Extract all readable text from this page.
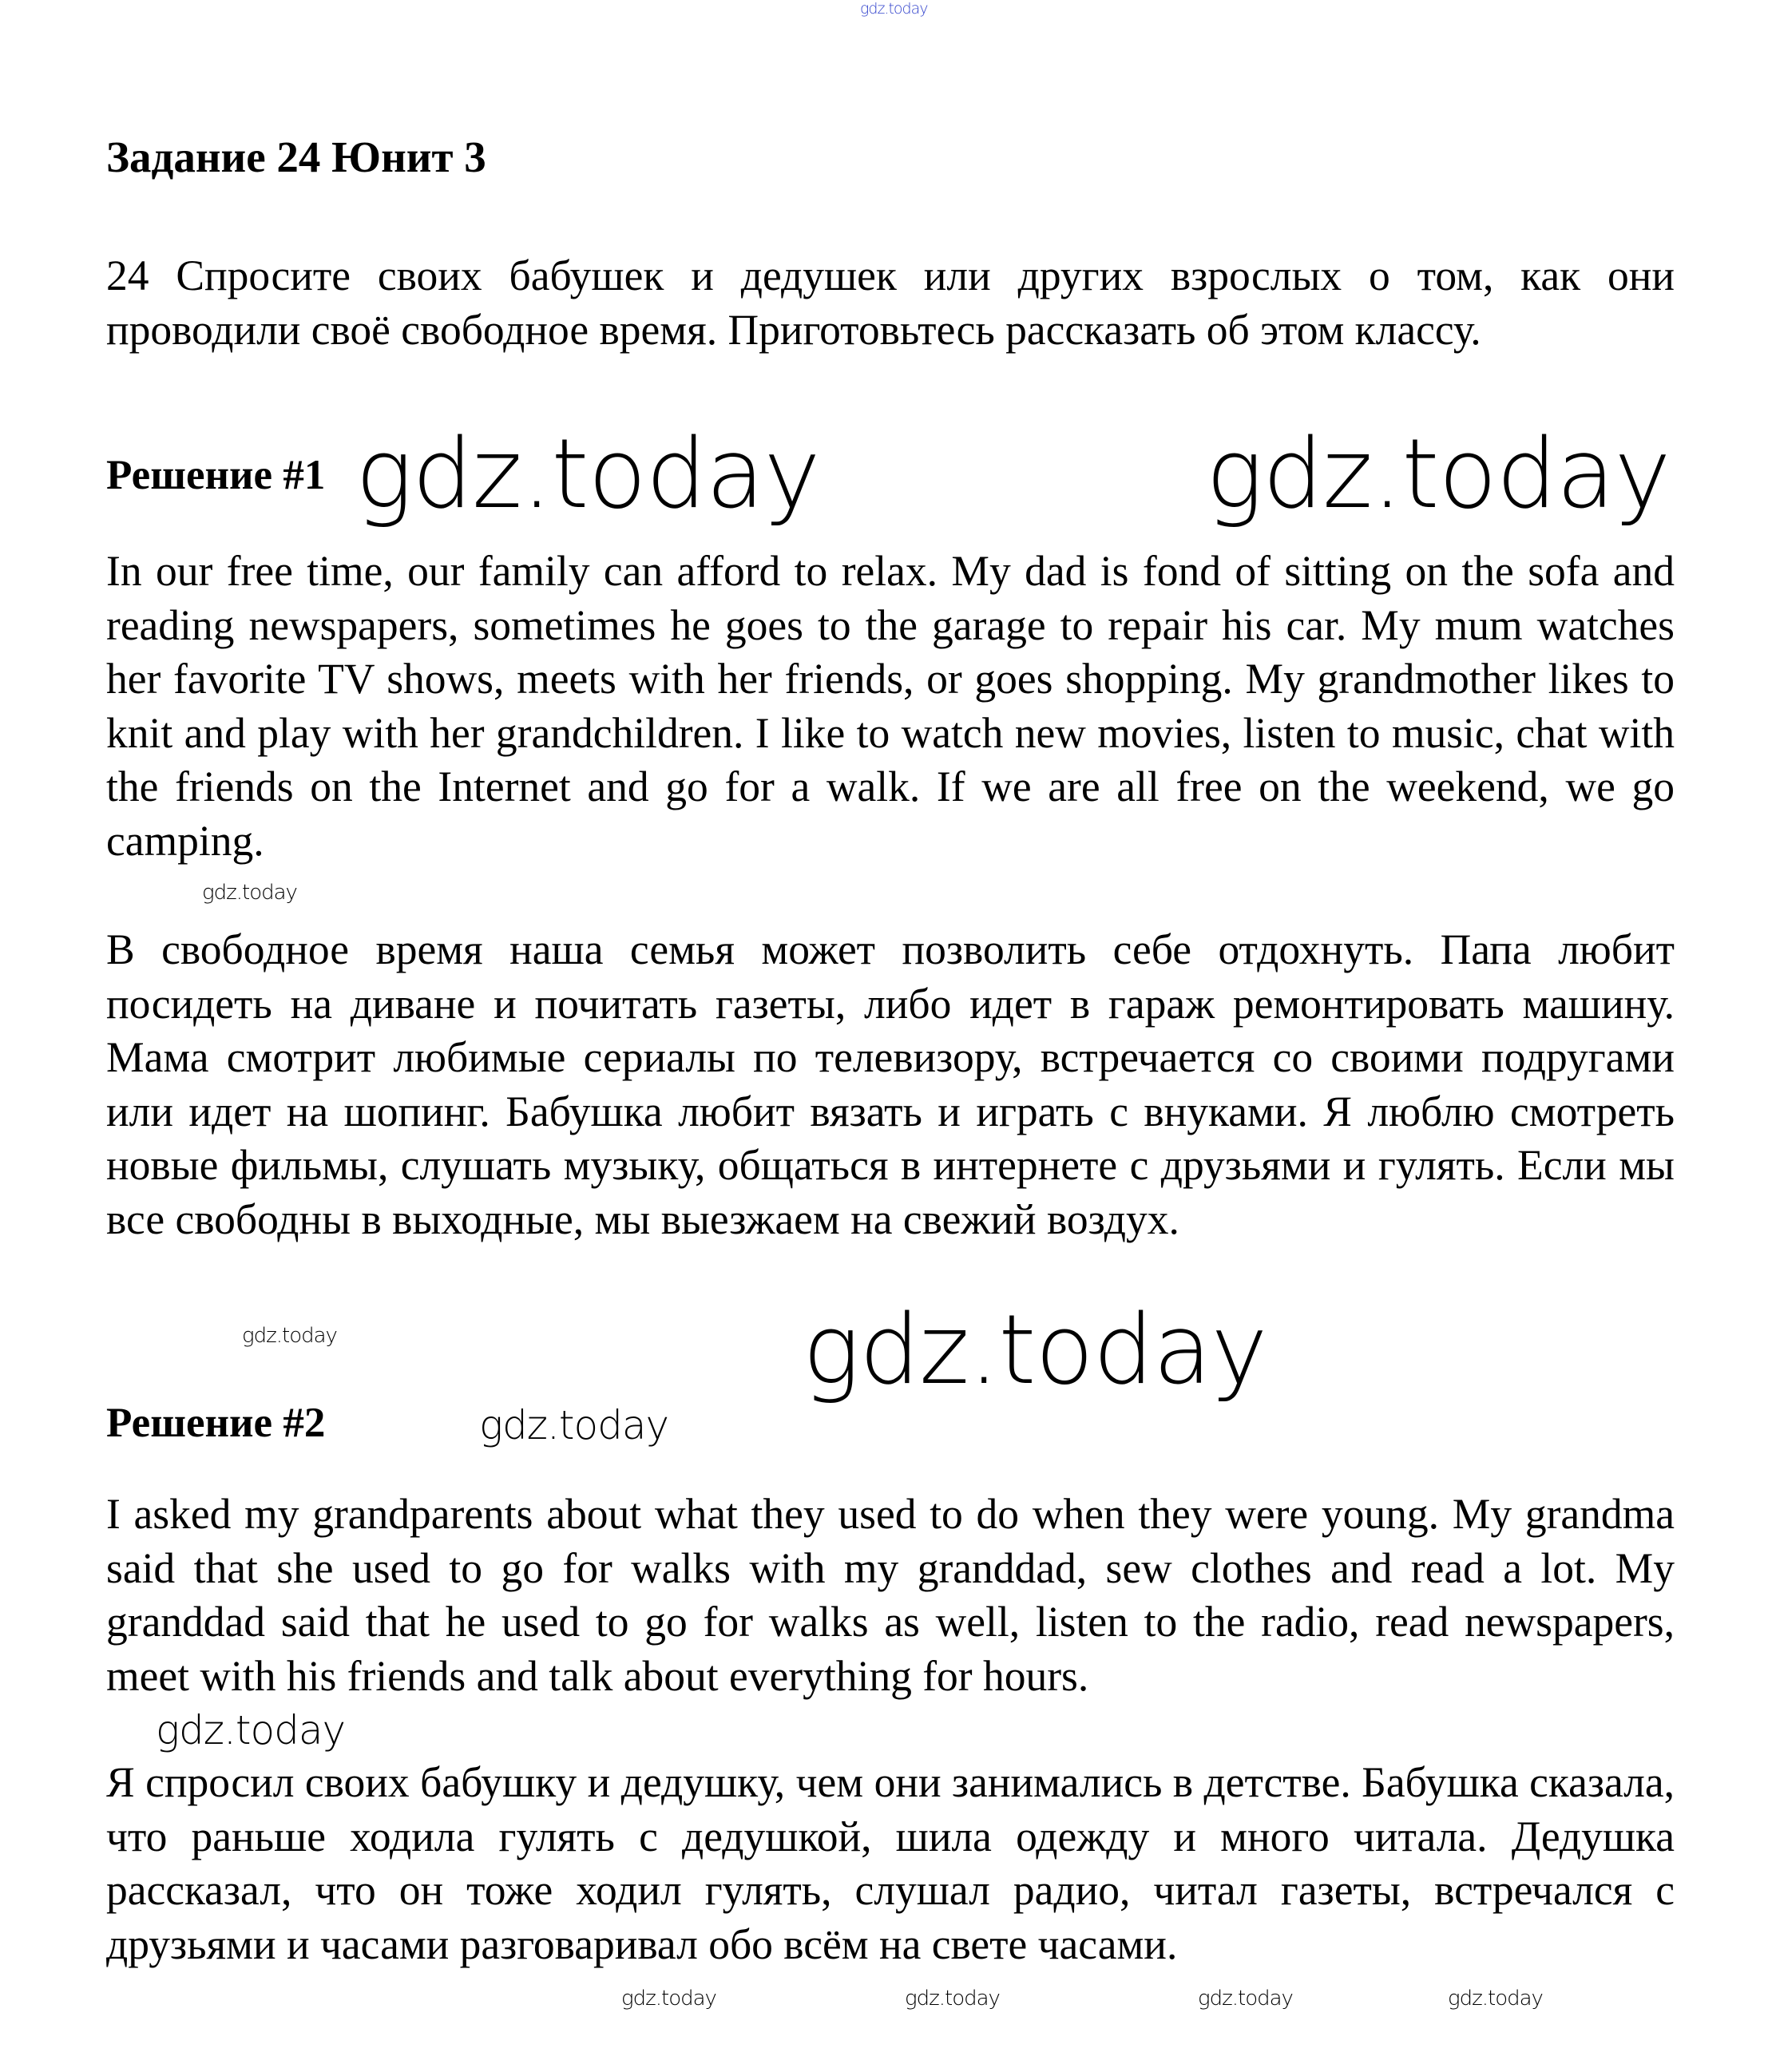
gdz.today
Задание 24 Юнит 3
24 Спросите своих бабушек и дедушек или других взрослых о том, как они проводили своё свободное время. Приготовьтесь рассказать об этом классу.
Решение #1 gdz.today	gdz.today
In our free time, our family can afford to relax. My dad is fond of sitting on the sofa and reading newspapers, sometimes he goes to the garage to repair his car. My mum watches her favorite TV shows, meets with her friends, or goes shopping. My grandmother likes to knit and play with her grandchildren. I like to watch new movies, listen to music, chat with the friends on the Internet and go for a walk. If we are all free on the weekend, we go camping.
gdz.today
В свободное время наша семья может позволить себе отдохнуть. Папа любит посидеть на диване и почитать газеты, либо идет в гараж ремонтировать машину. Мама смотрит любимые сериалы по телевизору, встречается со своими подругами или идет на шопинг. Бабушка любит вязать и играть с внуками. Я люблю смотреть новые фильмы, слушать музыку, общаться в интернете с друзьями и гулять. Если мы все свободны в выходные, мы выезжаем на свежий воздух.
gdz.today	gdz.today
Решение #2	gdz.today
I asked my grandparents about what they used to do when they were young. My grandma said that she used to go for walks with my granddad, sew clothes and read a lot. My granddad said that he used to go for walks as well, listen to the radio, read newspapers, meet with his friends and talk about everything for hours.
gdz.today
Я спросил своих бабушку и дедушку, чем они занимались в детстве. Бабушка сказала, что раньше ходила гулять с дедушкой, шила одежду и много читала. Дедушка рассказал, что он тоже ходил гулять, слушал радио, читал газеты, встречался с друзьями и часами разговаривал обо всём на свете часами.
gdz.today	gdz.today	gdz.today	gdz.today
